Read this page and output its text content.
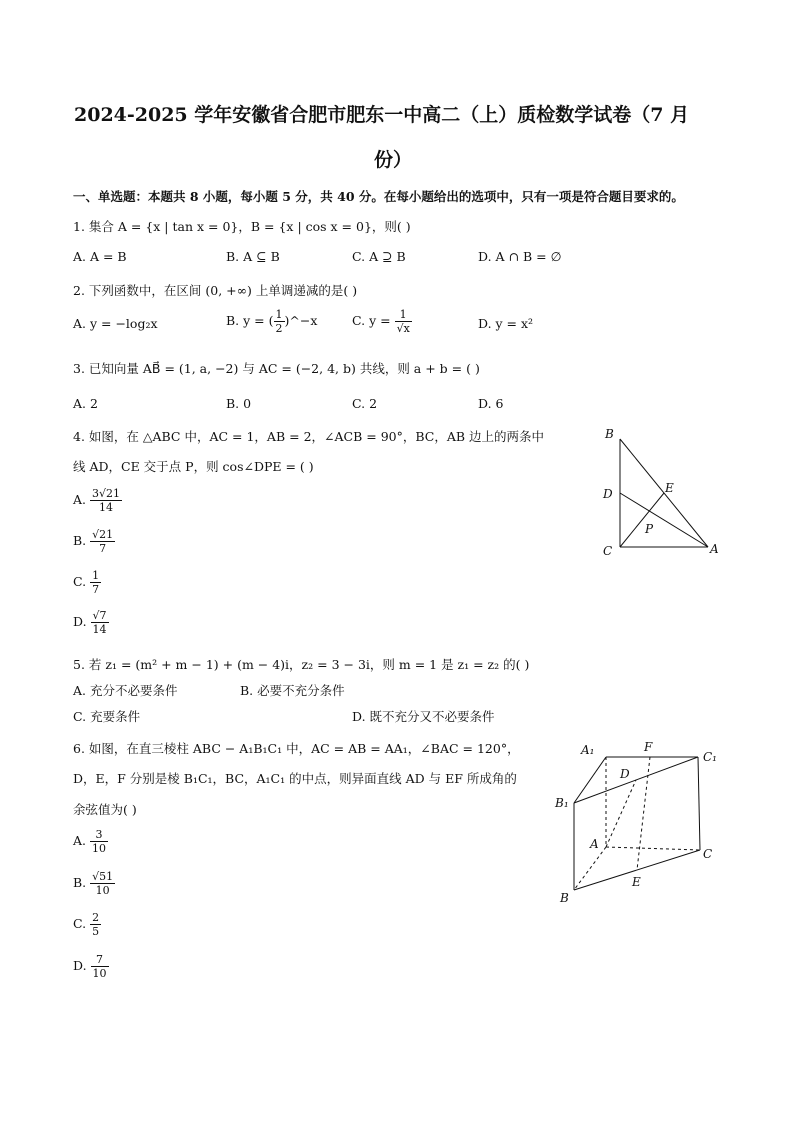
2024-2025 学年安徽省合肥市肥东一中高二（上）质检数学试卷（7 月
份）
一、单选题：本题共 8 小题，每小题 5 分，共 40 分。在每小题给出的选项中，只有一项是符合题目要求的。
1. 集合 A = {x | tan x = 0}，B = {x | cos x = 0}，则( )
A. A = B	B. A ⊆ B	C. A ⊇ B	D. A ∩ B = ∅
2. 下列函数中，在区间 (0, +∞) 上单调递减的是( )
A. y = −log₂x	B. y = ( $\frac{1}{2}$ )^−x	C. $y = \frac{1}{√x}$	D. y = x²
3. 已知向量 AB⃗ = (1, a, −2) 与 AC = (−2, 4, b) 共线，则 a + b = ( )
A. 2	B. 0	C. 2	D. 6
4. 如图，在 △ABC 中，AC = 1，AB = 2，∠ACB = 90°，BC，AB 边上的两条中
线 AD，CE 交于点 P，则 cos∠DPE = ( )
A. $\frac{3√21}{14}$
B. $\frac{√21}{7}$
C. $\frac{1}{7}$
D. $\frac{√7}{14}$
B
D	E
P
C	A
5. 若 z₁ = (m² + m − 1) + (m − 4)i，z₂ = 3 − 3i，则 m = 1 是 z₁ = z₂ 的( )
A. 充分不必要条件	B. 必要不充分条件
C. 充要条件	D. 既不充分又不必要条件
6. 如图，在直三棱柱 ABC − A₁B₁C₁ 中，AC = AB = AA₁，∠BAC = 120°，
D，E，F 分别是棱 B₁C₁，BC，A₁C₁ 的中点，则异面直线 AD 与 EF 所成角的
余弦值为( )
A. $\frac{3}{10}$
B. $\frac{√51}{10}$
C. $\frac{2}{5}$
D. $\frac{7}{10}$
A₁	F
C₁
D
B₁
A
C
E
B
